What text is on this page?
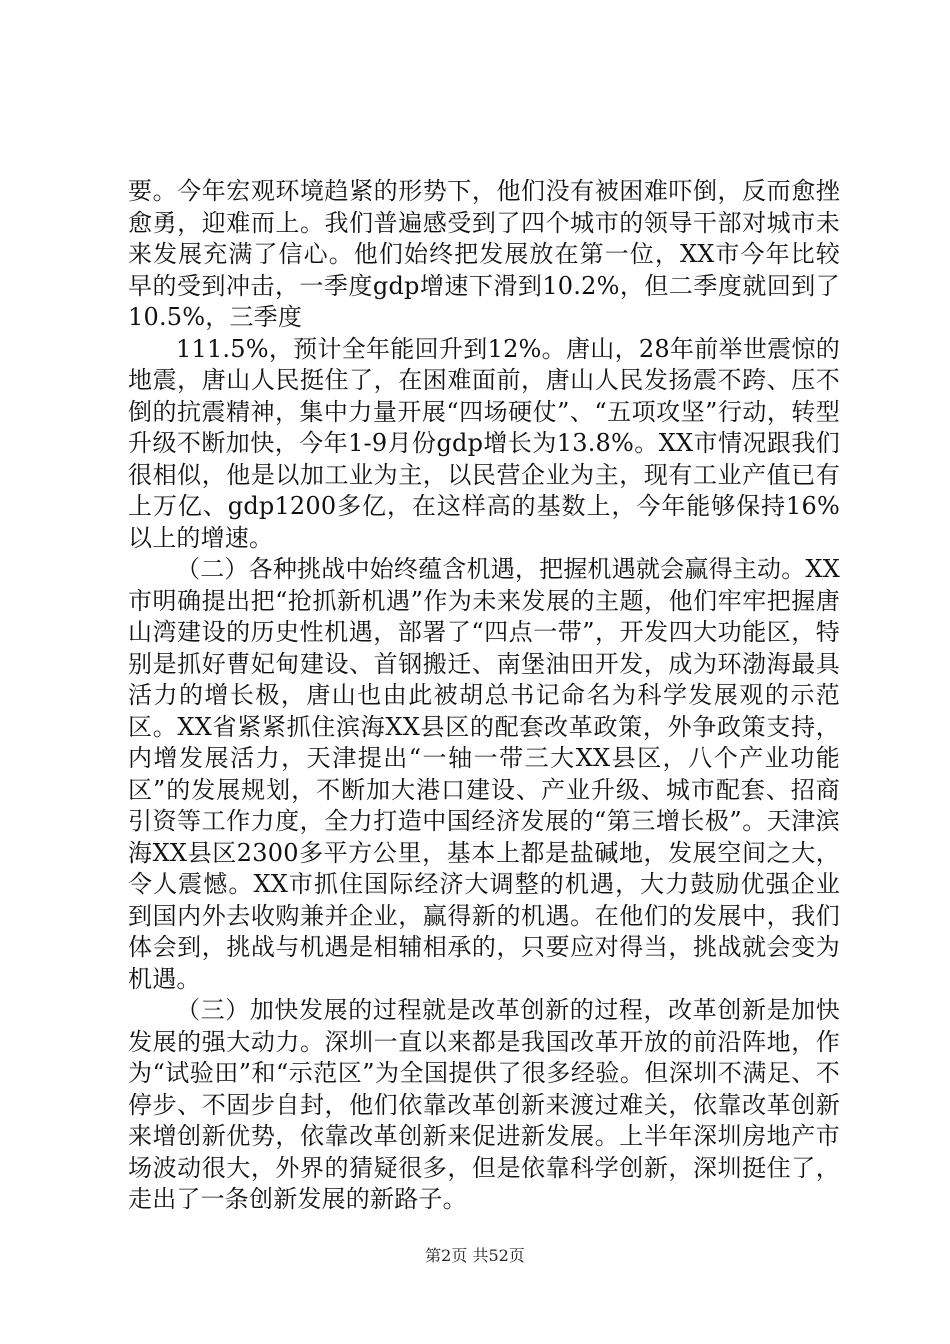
要。今年宏观环境趋紧的形势下，他们没有被困难吓倒，反而愈挫愈勇，迎难而上。我们普遍感受到了四个城市的领导干部对城市未来发展充满了信心。他们始终把发展放在第一位，XX市今年比较早的受到冲击，一季度gdp增速下滑到10.2%，但二季度就回到了10.5%，三季度

111.5%，预计全年能回升到12%。唐山，28年前举世震惊的地震，唐山人民挺住了，在困难面前，唐山人民发扬震不跨、压不倒的抗震精神，集中力量开展“四场硬仗”、“五项攻坚”行动，转型升级不断加快，今年1-9月份gdp增长为13.8%。XX市情况跟我们很相似，他是以加工业为主，以民营企业为主，现有工业产值已有上万亿、gdp1200多亿，在这样高的基数上，今年能够保持16%以上的增速。

（二）各种挑战中始终蕴含机遇，把握机遇就会赢得主动。XX市明确提出把“抢抓新机遇”作为未来发展的主题，他们牢牢把握唐山湾建设的历史性机遇，部署了“四点一带”，开发四大功能区，特别是抓好曹妃甸建设、首钢搬迁、南堡油田开发，成为环渤海最具活力的增长极，唐山也由此被胡总书记命名为科学发展观的示范区。XX省紧紧抓住滨海XX县区的配套改革政策，外争政策支持，内增发展活力，天津提出“一轴一带三大XX县区，八个产业功能区”的发展规划，不断加大港口建设、产业升级、城市配套、招商引资等工作力度，全力打造中国经济发展的“第三增长极”。天津滨海XX县区2300多平方公里，基本上都是盐碱地，发展空间之大，令人震憾。XX市抓住国际经济大调整的机遇，大力鼓励优强企业到国内外去收购兼并企业，赢得新的机遇。在他们的发展中，我们体会到，挑战与机遇是相辅相承的，只要应对得当，挑战就会变为机遇。

（三）加快发展的过程就是改革创新的过程，改革创新是加快发展的强大动力。深圳一直以来都是我国改革开放的前沿阵地，作为“试验田”和“示范区”为全国提供了很多经验。但深圳不满足、不停步、不固步自封，他们依靠改革创新来渡过难关，依靠改革创新来增创新优势，依靠改革创新来促进新发展。上半年深圳房地产市场波动很大，外界的猜疑很多，但是依靠科学创新，深圳挺住了，走出了一条创新发展的新路子。

第2页 共52页
